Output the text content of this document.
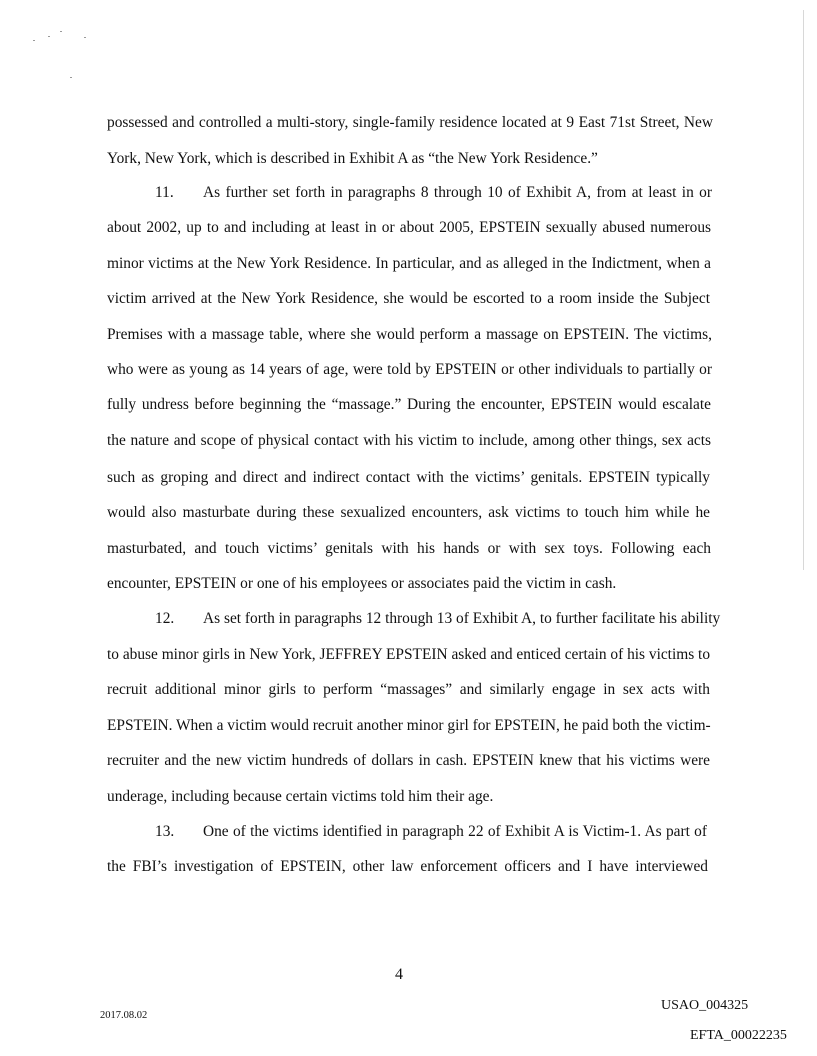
possessed and controlled a multi-story, single-family residence located at 9 East 71st Street, New

York, New York, which is described in Exhibit A as “the New York Residence.”

11. As further set forth in paragraphs 8 through 10 of Exhibit A, from at least in or

about 2002, up to and including at least in or about 2005, EPSTEIN sexually abused numerous

minor victims at the New York Residence. In particular, and as alleged in the Indictment, when a

victim arrived at the New York Residence, she would be escorted to a room inside the Subject

Premises with a massage table, where she would perform a massage on EPSTEIN. The victims,

who were as young as 14 years of age, were told by EPSTEIN or other individuals to partially or

fully undress before beginning the “massage.” During the encounter, EPSTEIN would escalate

the nature and scope of physical contact with his victim to include, among other things, sex acts

such as groping and direct and indirect contact with the victims’ genitals. EPSTEIN typically

would also masturbate during these sexualized encounters, ask victims to touch him while he

masturbated, and touch victims’ genitals with his hands or with sex toys. Following each

encounter, EPSTEIN or one of his employees or associates paid the victim in cash.

12. As set forth in paragraphs 12 through 13 of Exhibit A, to further facilitate his ability

to abuse minor girls in New York, JEFFREY EPSTEIN asked and enticed certain of his victims to

recruit additional minor girls to perform “massages” and similarly engage in sex acts with

EPSTEIN. When a victim would recruit another minor girl for EPSTEIN, he paid both the victim-

recruiter and the new victim hundreds of dollars in cash. EPSTEIN knew that his victims were

underage, including because certain victims told him their age.

13. One of the victims identified in paragraph 22 of Exhibit A is Victim-1. As part of

the FBI’s investigation of EPSTEIN, other law enforcement officers and I have interviewed

4
2017.08.02
USAO_004325
EFTA_00022235
